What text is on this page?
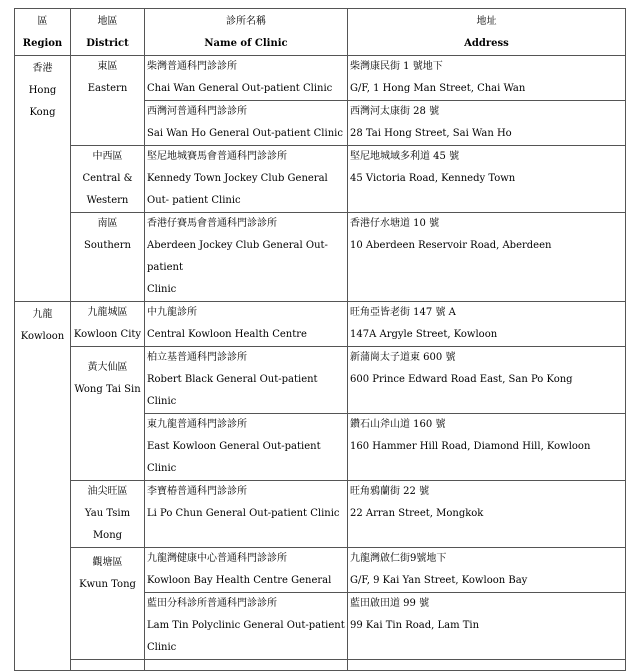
區
Region	地區
District	診所名稱
Name of Clinic	地址
Address	

香港
Hong
Kong	東區
Eastern	柴灣普通科門診診所
Chai Wan General Out-patient Clinic	柴灣康民街 1 號地下
G/F, 1 Hong Man Street, Chai Wan	

		西灣河普通科門診診所
Sai Wan Ho General Out-patient Clinic	西灣河太康街 28 號
28 Tai Hong Street, Sai Wan Ho	

	中西區
Central &
Western	堅尼地城賽馬會普通科門診診所
Kennedy Town Jockey Club General
Out- patient Clinic	堅尼地城域多利道 45 號
45 Victoria Road, Kennedy Town	

	南區
Southern	香港仔賽馬會普通科門診診所
Aberdeen Jockey Club General Out-patient
Clinic	香港仔水塘道 10 號
10 Aberdeen Reservoir Road, Aberdeen	

九龍
Kowloon	九龍城區
Kowloon City	中九龍診所
Central Kowloon Health Centre	旺角亞皆老街 147 號 A
147A Argyle Street, Kowloon	

	黃大仙區
Wong Tai Sin	柏立基普通科門診診所
Robert Black General Out-patient Clinic	新蒲崗太子道東 600 號
600 Prince Edward Road East, San Po Kong	

		東九龍普通科門診診所
East Kowloon General Out-patient
Clinic	鑽石山斧山道 160 號
160 Hammer Hill Road, Diamond Hill, Kowloon	

	油尖旺區
Yau Tsim
Mong	李寶椿普通科門診診所
Li Po Chun General Out-patient Clinic	旺角鴉蘭街 22 號
22 Arran Street, Mongkok	

	觀塘區
Kwun Tong	九龍灣健康中心普通科門診診所
Kowloon Bay Health Centre General	九龍灣啟仁街9號地下
G/F, 9 Kai Yan Street, Kowloon Bay	

		藍田分科診所普通科門診診所
Lam Tin Polyclinic General Out-patient
Clinic	藍田啟田道 99 號
99 Kai Tin Road, Lam Tin	
